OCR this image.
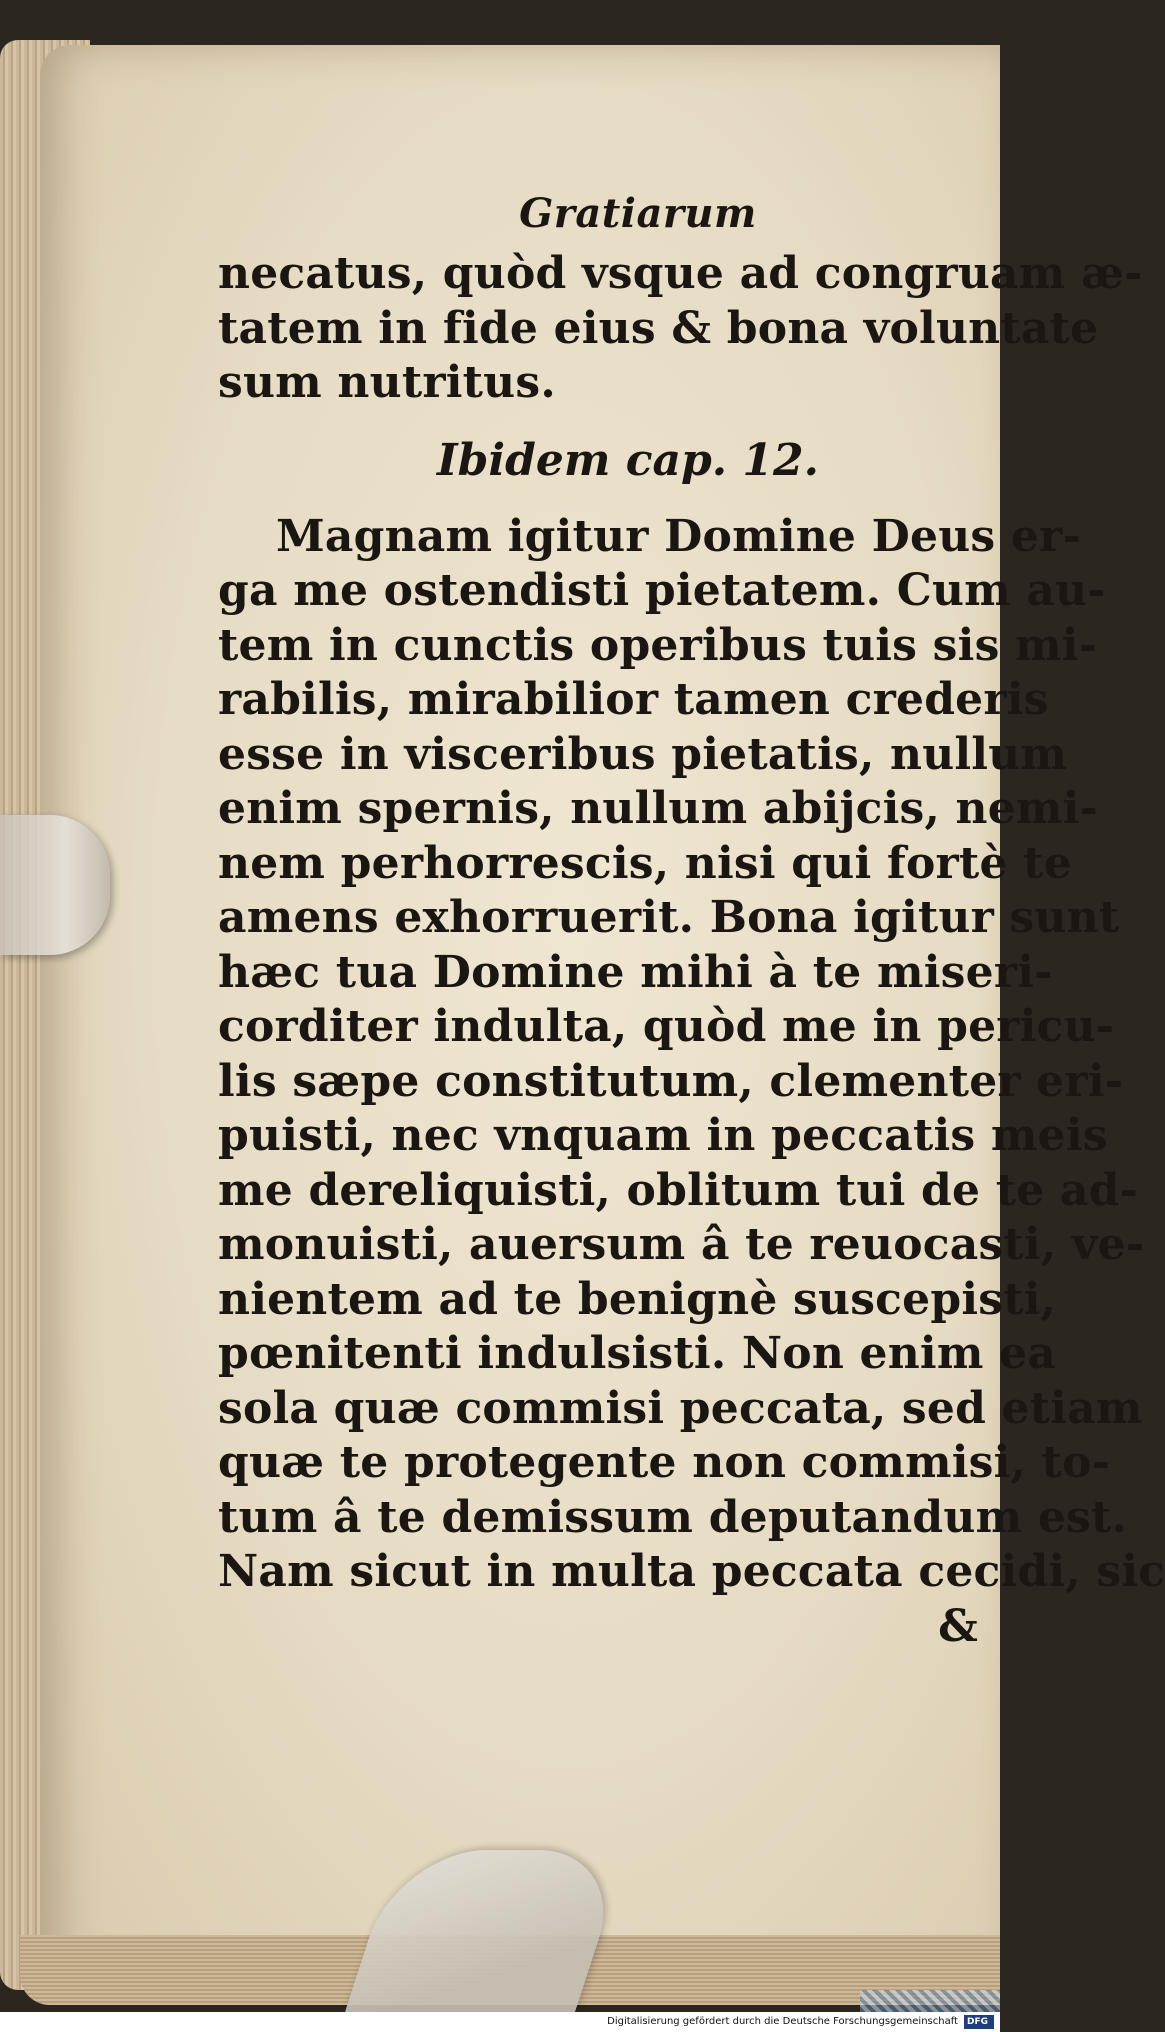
Gratiarum
necatus, quòd vsque ad congruam æ-
tatem in fide eius & bona voluntate
sum nutritus.
Ibidem cap. 12.
Magnam igitur Domine Deus er-
ga me ostendisti pietatem. Cum au-
tem in cunctis operibus tuis sis mi-
rabilis, mirabilior tamen crederis
esse in visceribus pietatis, nullum
enim spernis, nullum abijcis, nemi-
nem perhorrescis, nisi qui fortè te
amens exhorruerit. Bona igitur sunt
hæc tua Domine mihi à te miseri-
corditer indulta, quòd me in pericu-
lis sæpe constitutum, clementer eri-
puisti, nec vnquam in peccatis meis
me dereliquisti, oblitum tui de te ad-
monuisti, auersum â te reuocasti, ve-
nientem ad te benignè suscepisti,
pœnitenti indulsisti. Non enim ea
sola quæ commisi peccata, sed etiam
quæ te protegente non commisi, to-
tum â te demissum deputandum est.
Nam sicut in multa peccata cecidi, sic
&
Digitalisierung gefördert durch die Deutsche Forschungsgemeinschaft DFG
